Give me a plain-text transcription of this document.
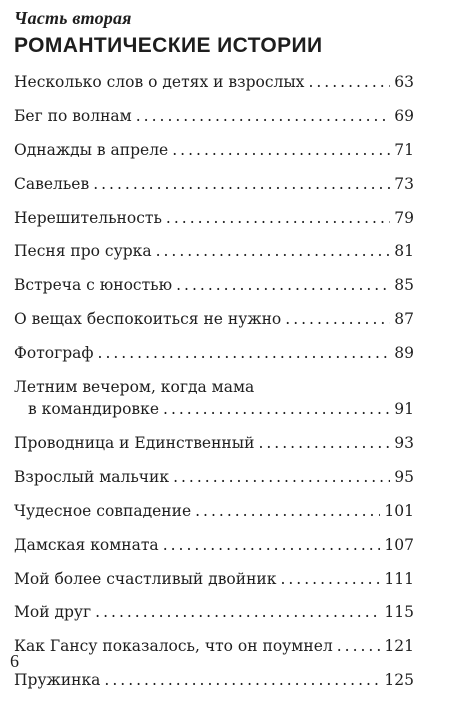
Часть вторая
РОМАНТИЧЕСКИЕ ИСТОРИИ
Несколько слов о детях и взрослых .....	63
Бег по волнам .....	69
Однажды в апреле .....	71
Савельев .....	73
Нерешительность .....	79
Песня про сурка .....	81
Встреча с юностью .....	85
О вещах беспокоиться не нужно .....	87
Фотограф .....	89
Летним вечером, когда мама
в командировке .....	91
Проводница и Единственный .....	93
Взрослый мальчик .....	95
Чудесное совпадение .....	101
Дамская комната .....	107
Мой более счастливый двойник .....	111
Мой друг .....	115
Как Гансу показалось, что он поумнел .....	121
Пружинка .....	125
6
